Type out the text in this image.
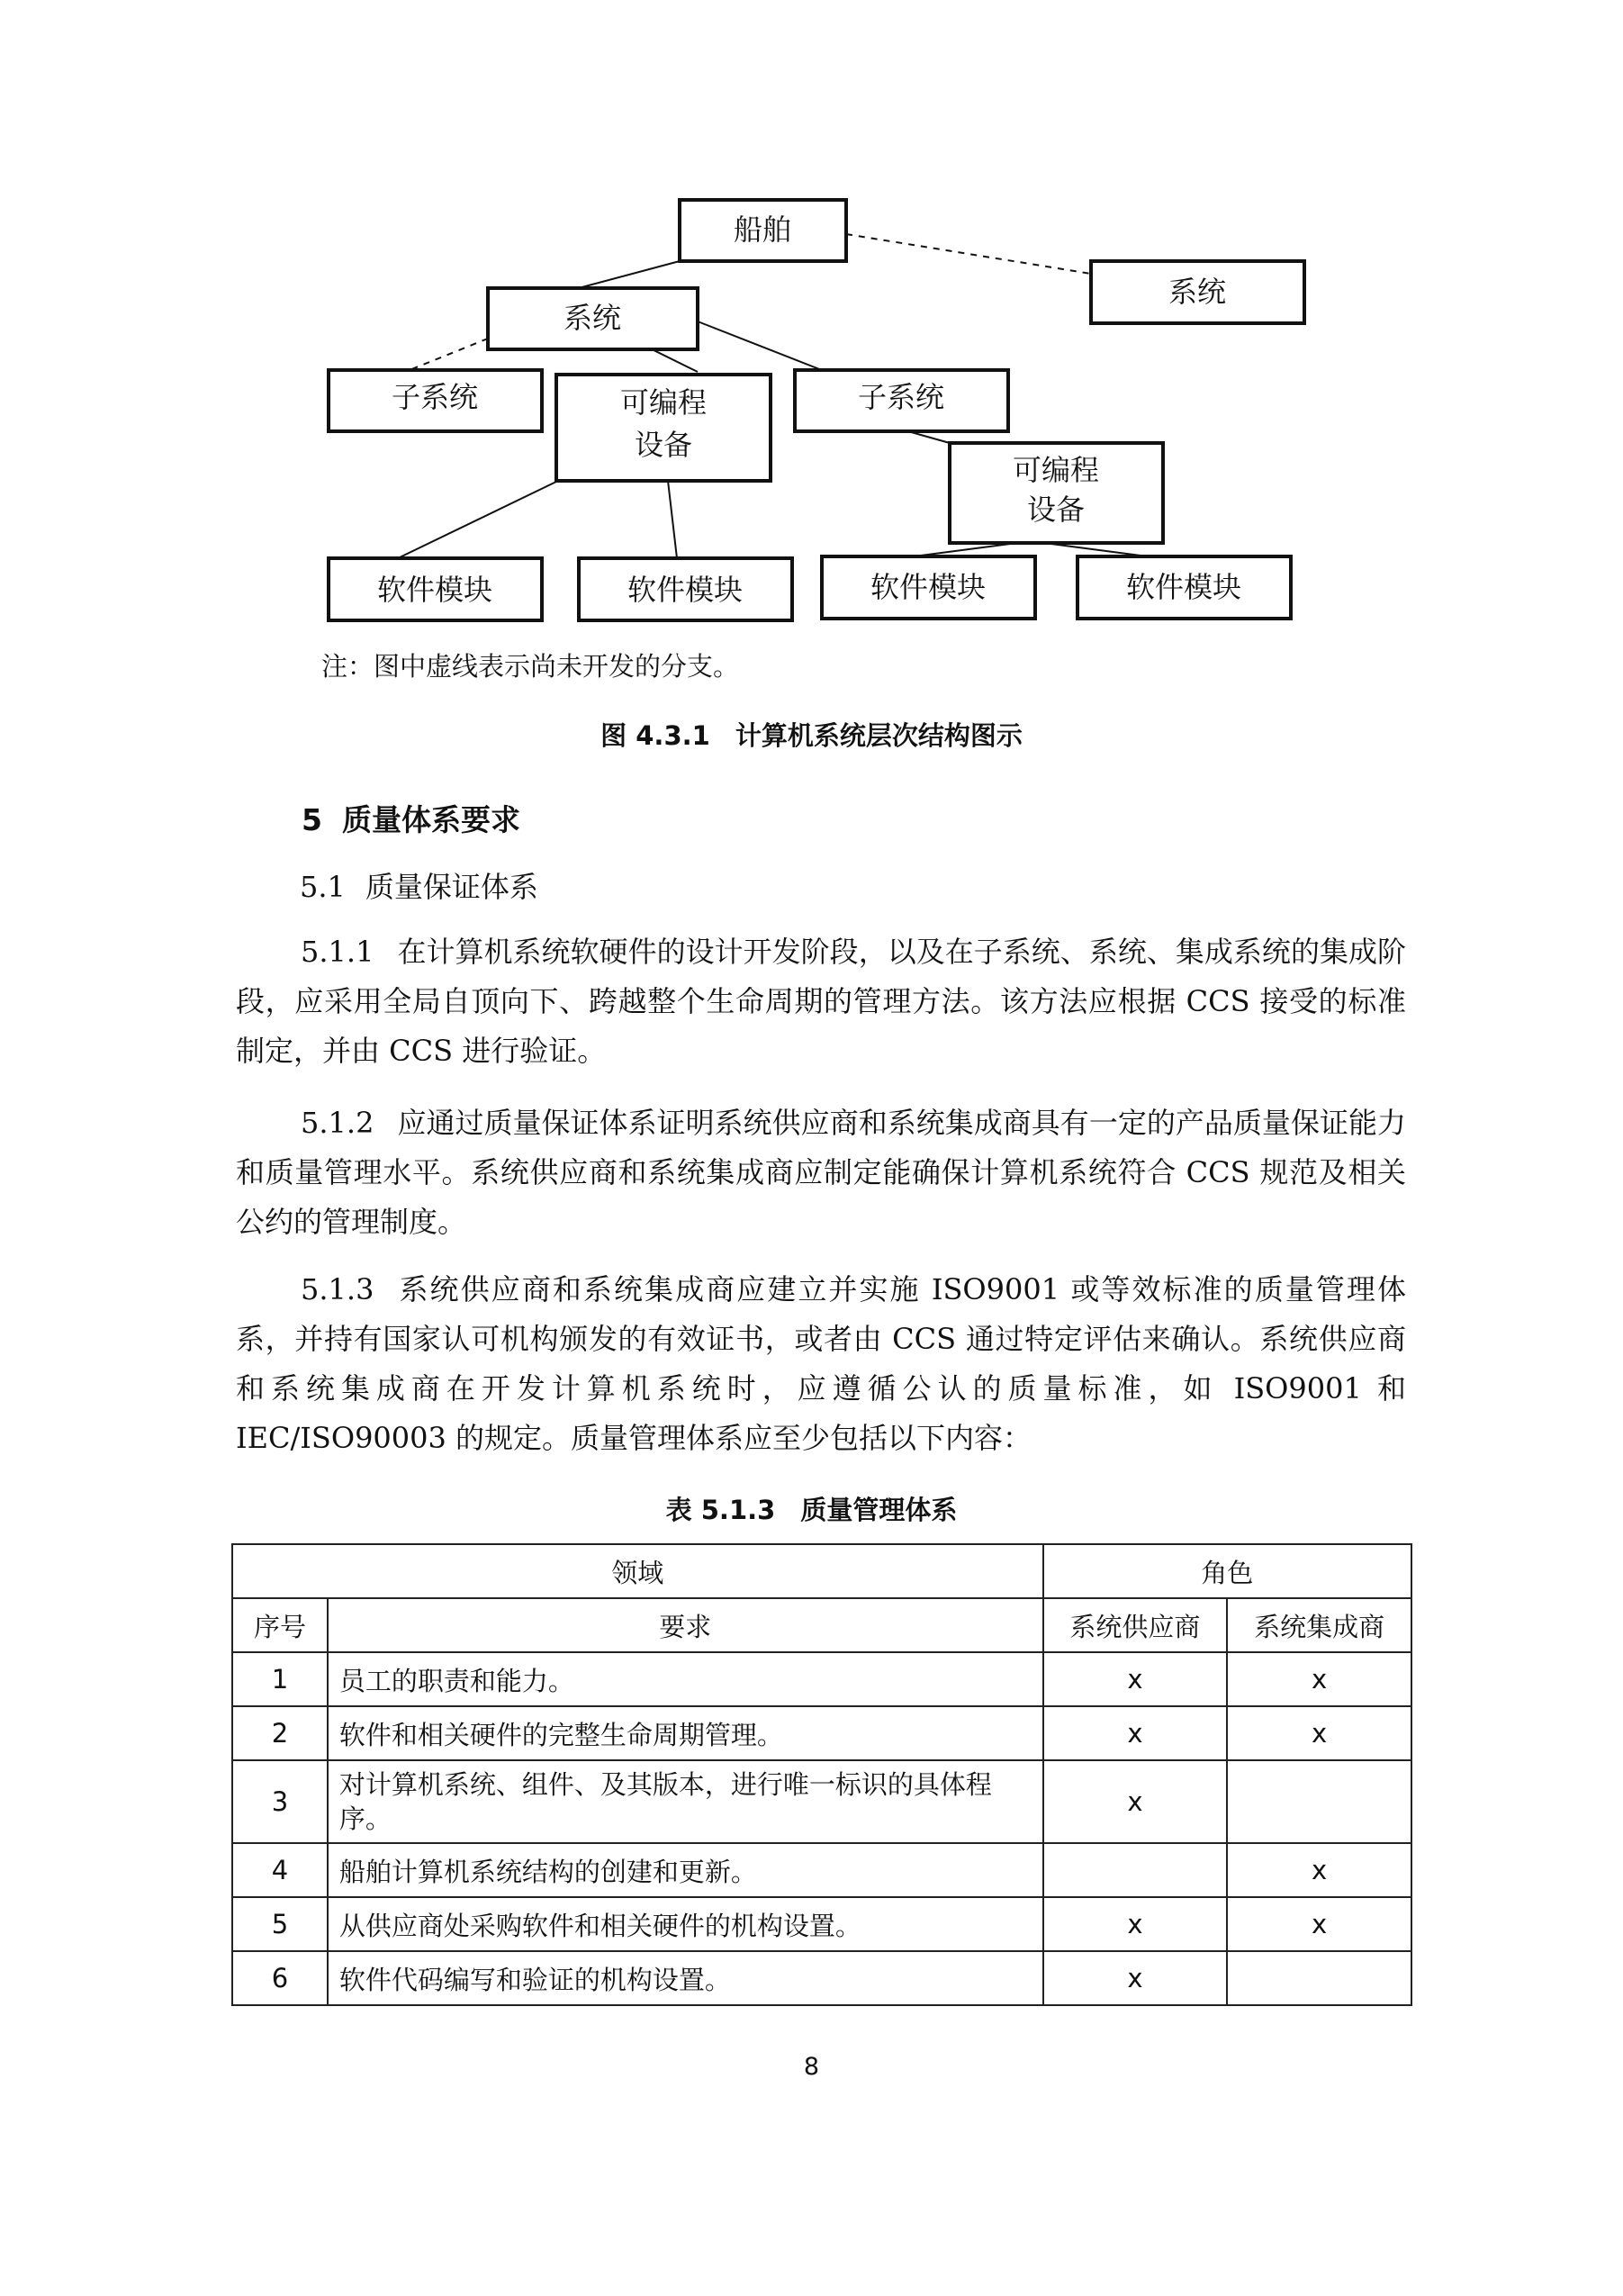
船舶
系统
系统
子系统	可编程
设备
子系统
可编程
设备
软件模块	软件模块	软件模块	软件模块
注：图中虚线表示尚未开发的分支。
图 4.3.1 计算机系统层次结构图示
5 质量体系要求
5.1 质量保证体系
5.1.1 在计算机系统软硬件的设计开发阶段，以及在子系统、系统、集成系统的集成阶段，应采用全局自顶向下、跨越整个生命周期的管理方法。该方法应根据 CCS 接受的标准制定，并由 CCS 进行验证。
5.1.2 应通过质量保证体系证明系统供应商和系统集成商具有一定的产品质量保证能力和质量管理水平。系统供应商和系统集成商应制定能确保计算机系统符合 CCS 规范及相关公约的管理制度。
5.1.3 系统供应商和系统集成商应建立并实施 ISO9001 或等效标准的质量管理体系，并持有国家认可机构颁发的有效证书，或者由 CCS 通过特定评估来确认。系统供应商和系统集成商在开发计算机系统时，应遵循公认的质量标准，如 ISO9001 和 IEC/ISO90003 的规定。质量管理体系应至少包括以下内容：
表 5.1.3 质量管理体系
领域		角色	
序号	要求	系统供应商	系统集成商
1	员工的职责和能力。	x	x
2	软件和相关硬件的完整生命周期管理。	x	x
3	对计算机系统、组件、及其版本，进行唯一标识的具体程序。	x	
4	船舶计算机系统结构的创建和更新。		x
5	从供应商处采购软件和相关硬件的机构设置。	x	x
6	软件代码编写和验证的机构设置。	x	
8
